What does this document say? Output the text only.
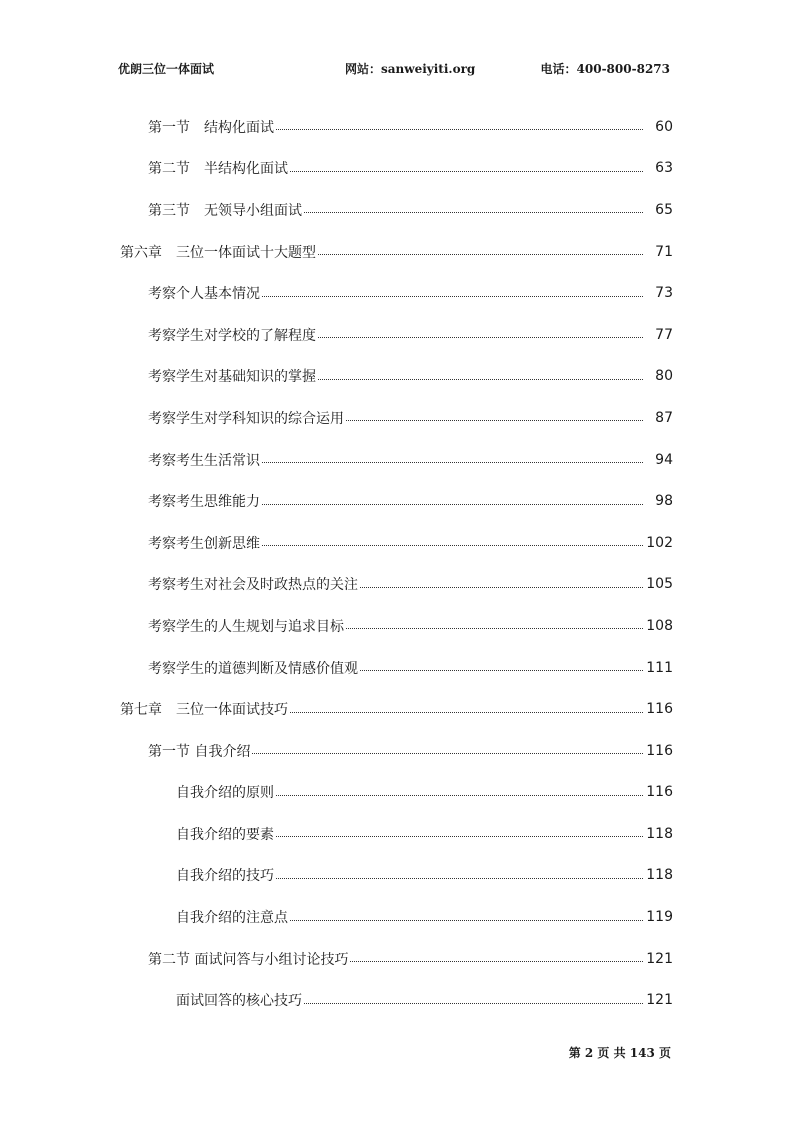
优朗三位一体面试	网站：sanweiyiti.org	电话：400-800-8273
第一节　结构化面试	60
第二节　半结构化面试	63
第三节　无领导小组面试	65
第六章　三位一体面试十大题型	71
考察个人基本情况	73
考察学生对学校的了解程度	77
考察学生对基础知识的掌握	80
考察学生对学科知识的综合运用	87
考察考生生活常识	94
考察考生思维能力	98
考察考生创新思维	102
考察考生对社会及时政热点的关注	105
考察学生的人生规划与追求目标	108
考察学生的道德判断及情感价值观	111
第七章　三位一体面试技巧	116
第一节 自我介绍	116
自我介绍的原则	116
自我介绍的要素	118
自我介绍的技巧	118
自我介绍的注意点	119
第二节 面试问答与小组讨论技巧	121
面试回答的核心技巧	121
第 2 页 共 143 页
